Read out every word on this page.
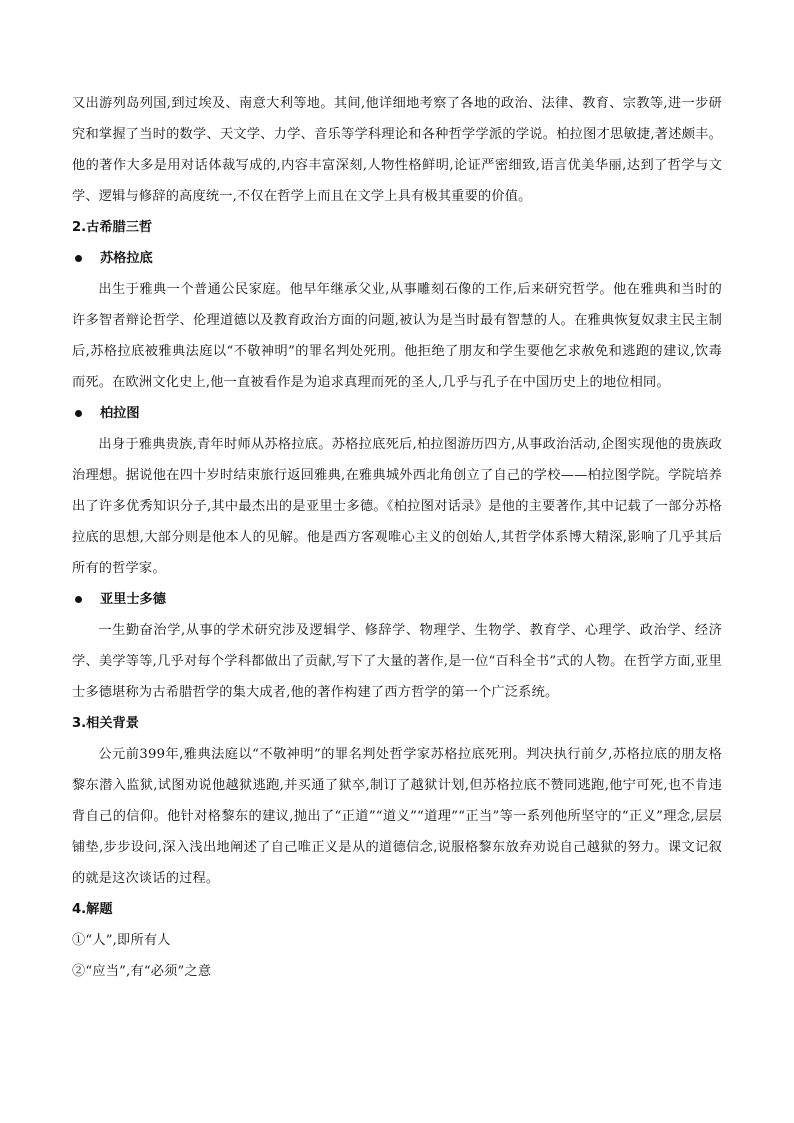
又出游列岛列国,到过埃及、南意大利等地。其间,他详细地考察了各地的政治、法律、教育、宗教等,进一步研究和掌握了当时的数学、天文学、力学、音乐等学科理论和各种哲学学派的学说。柏拉图才思敏捷,著述颇丰。他的著作大多是用对话体裁写成的,内容丰富深刻,人物性格鲜明,论证严密细致,语言优美华丽,达到了哲学与文学、逻辑与修辞的高度统一,不仅在哲学上而且在文学上具有极其重要的价值。

2.古希腊三哲

苏格拉底

出生于雅典一个普通公民家庭。他早年继承父业,从事雕刻石像的工作,后来研究哲学。他在雅典和当时的许多智者辩论哲学、伦理道德以及教育政治方面的问题,被认为是当时最有智慧的人。在雅典恢复奴隶主民主制后,苏格拉底被雅典法庭以“不敬神明”的罪名判处死刑。他拒绝了朋友和学生要他乞求赦免和逃跑的建议,饮毒而死。在欧洲文化史上,他一直被看作是为追求真理而死的圣人,几乎与孔子在中国历史上的地位相同。

柏拉图

出身于雅典贵族,青年时师从苏格拉底。苏格拉底死后,柏拉图游历四方,从事政治活动,企图实现他的贵族政治理想。据说他在四十岁时结束旅行返回雅典,在雅典城外西北角创立了自己的学校——柏拉图学院。学院培养出了许多优秀知识分子,其中最杰出的是亚里士多德。《柏拉图对话录》是他的主要著作,其中记载了一部分苏格拉底的思想,大部分则是他本人的见解。他是西方客观唯心主义的创始人,其哲学体系博大精深,影响了几乎其后所有的哲学家。

亚里士多德

一生勤奋治学,从事的学术研究涉及逻辑学、修辞学、物理学、生物学、教育学、心理学、政治学、经济学、美学等等,几乎对每个学科都做出了贡献,写下了大量的著作,是一位“百科全书”式的人物。在哲学方面,亚里士多德堪称为古希腊哲学的集大成者,他的著作构建了西方哲学的第一个广泛系统。

3.相关背景

公元前399年,雅典法庭以“不敬神明”的罪名判处哲学家苏格拉底死刑。判决执行前夕,苏格拉底的朋友格黎东潜入监狱,试图劝说他越狱逃跑,并买通了狱卒,制订了越狱计划,但苏格拉底不赞同逃跑,他宁可死,也不肯违背自己的信仰。他针对格黎东的建议,抛出了“正道”“道义”“道理”“正当”等一系列他所坚守的“正义”理念,层层铺垫,步步设问,深入浅出地阐述了自己唯正义是从的道德信念,说服格黎东放弃劝说自己越狱的努力。课文记叙的就是这次谈话的过程。

4.解题

①“人”,即所有人

②“应当”,有“必须”之意
